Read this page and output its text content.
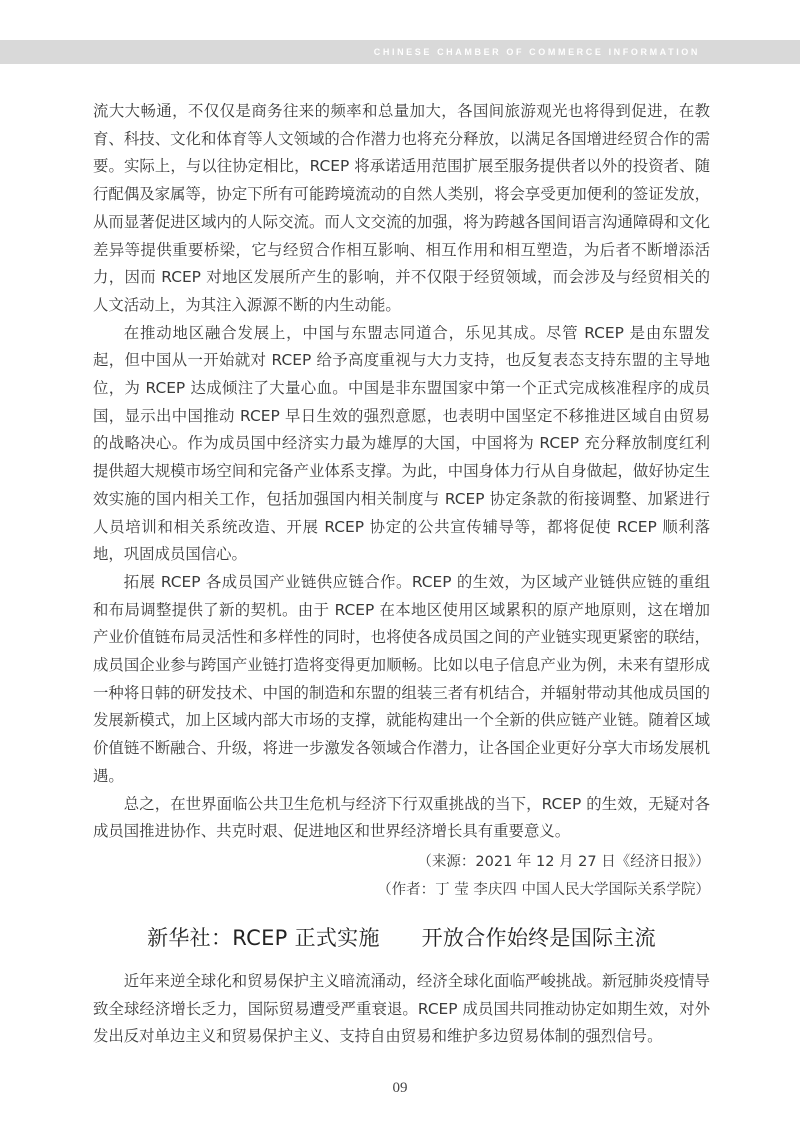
CHINESE CHAMBER OF COMMERCE INFORMATION

流大大畅通，不仅仅是商务往来的频率和总量加大，各国间旅游观光也将得到促进，在教育、科技、文化和体育等人文领域的合作潜力也将充分释放，以满足各国增进经贸合作的需要。实际上，与以往协定相比，RCEP 将承诺适用范围扩展至服务提供者以外的投资者、随行配偶及家属等，协定下所有可能跨境流动的自然人类别，将会享受更加便利的签证发放，从而显著促进区域内的人际交流。而人文交流的加强，将为跨越各国间语言沟通障碍和文化差异等提供重要桥梁，它与经贸合作相互影响、相互作用和相互塑造，为后者不断增添活力，因而 RCEP 对地区发展所产生的影响，并不仅限于经贸领域，而会涉及与经贸相关的人文活动上，为其注入源源不断的内生动能。

在推动地区融合发展上，中国与东盟志同道合，乐见其成。尽管 RCEP 是由东盟发起，但中国从一开始就对 RCEP 给予高度重视与大力支持，也反复表态支持东盟的主导地位，为 RCEP 达成倾注了大量心血。中国是非东盟国家中第一个正式完成核准程序的成员国，显示出中国推动 RCEP 早日生效的强烈意愿，也表明中国坚定不移推进区域自由贸易的战略决心。作为成员国中经济实力最为雄厚的大国，中国将为 RCEP 充分释放制度红利提供超大规模市场空间和完备产业体系支撑。为此，中国身体力行从自身做起，做好协定生效实施的国内相关工作，包括加强国内相关制度与 RCEP 协定条款的衔接调整、加紧进行人员培训和相关系统改造、开展 RCEP 协定的公共宣传辅导等，都将促使 RCEP 顺利落地，巩固成员国信心。

拓展 RCEP 各成员国产业链供应链合作。RCEP 的生效，为区域产业链供应链的重组和布局调整提供了新的契机。由于 RCEP 在本地区使用区域累积的原产地原则，这在增加产业价值链布局灵活性和多样性的同时，也将使各成员国之间的产业链实现更紧密的联结，成员国企业参与跨国产业链打造将变得更加顺畅。比如以电子信息产业为例，未来有望形成一种将日韩的研发技术、中国的制造和东盟的组装三者有机结合，并辐射带动其他成员国的发展新模式，加上区域内部大市场的支撑，就能构建出一个全新的供应链产业链。随着区域价值链不断融合、升级，将进一步激发各领域合作潜力，让各国企业更好分享大市场发展机遇。

总之，在世界面临公共卫生危机与经济下行双重挑战的当下，RCEP 的生效，无疑对各成员国推进协作、共克时艰、促进地区和世界经济增长具有重要意义。

（来源：2021 年 12 月 27 日《经济日报》）

（作者：丁 莹 李庆四 中国人民大学国际关系学院）

新华社：RCEP 正式实施      开放合作始终是国际主流

近年来逆全球化和贸易保护主义暗流涌动，经济全球化面临严峻挑战。新冠肺炎疫情导致全球经济增长乏力，国际贸易遭受严重衰退。RCEP 成员国共同推动协定如期生效，对外发出反对单边主义和贸易保护主义、支持自由贸易和维护多边贸易体制的强烈信号。

09
